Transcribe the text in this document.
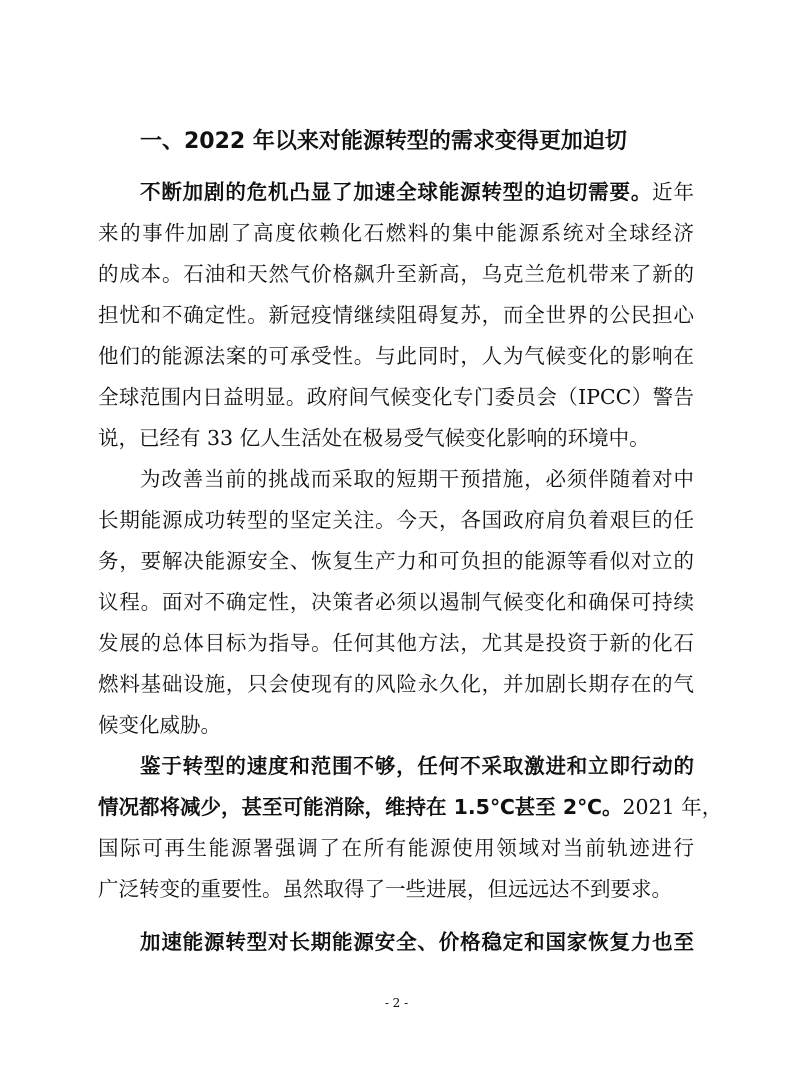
一、2022 年以来对能源转型的需求变得更加迫切
不断加剧的危机凸显了加速全球能源转型的迫切需要。近年
来的事件加剧了高度依赖化石燃料的集中能源系统对全球经济
的成本。石油和天然气价格飙升至新高，乌克兰危机带来了新的
担忧和不确定性。新冠疫情继续阻碍复苏，而全世界的公民担心
他们的能源法案的可承受性。与此同时，人为气候变化的影响在
全球范围内日益明显。政府间气候变化专门委员会（IPCC）警告
说，已经有 33 亿人生活处在极易受气候变化影响的环境中。
为改善当前的挑战而采取的短期干预措施，必须伴随着对中
长期能源成功转型的坚定关注。今天，各国政府肩负着艰巨的任
务，要解决能源安全、恢复生产力和可负担的能源等看似对立的
议程。面对不确定性，决策者必须以遏制气候变化和确保可持续
发展的总体目标为指导。任何其他方法，尤其是投资于新的化石
燃料基础设施，只会使现有的风险永久化，并加剧长期存在的气
候变化威胁。
鉴于转型的速度和范围不够，任何不采取激进和立即行动的
情况都将减少，甚至可能消除，维持在 1.5℃甚至 2℃。2021 年，
国际可再生能源署强调了在所有能源使用领域对当前轨迹进行
广泛转变的重要性。虽然取得了一些进展，但远远达不到要求。
加速能源转型对长期能源安全、价格稳定和国家恢复力也至
- 2 -
